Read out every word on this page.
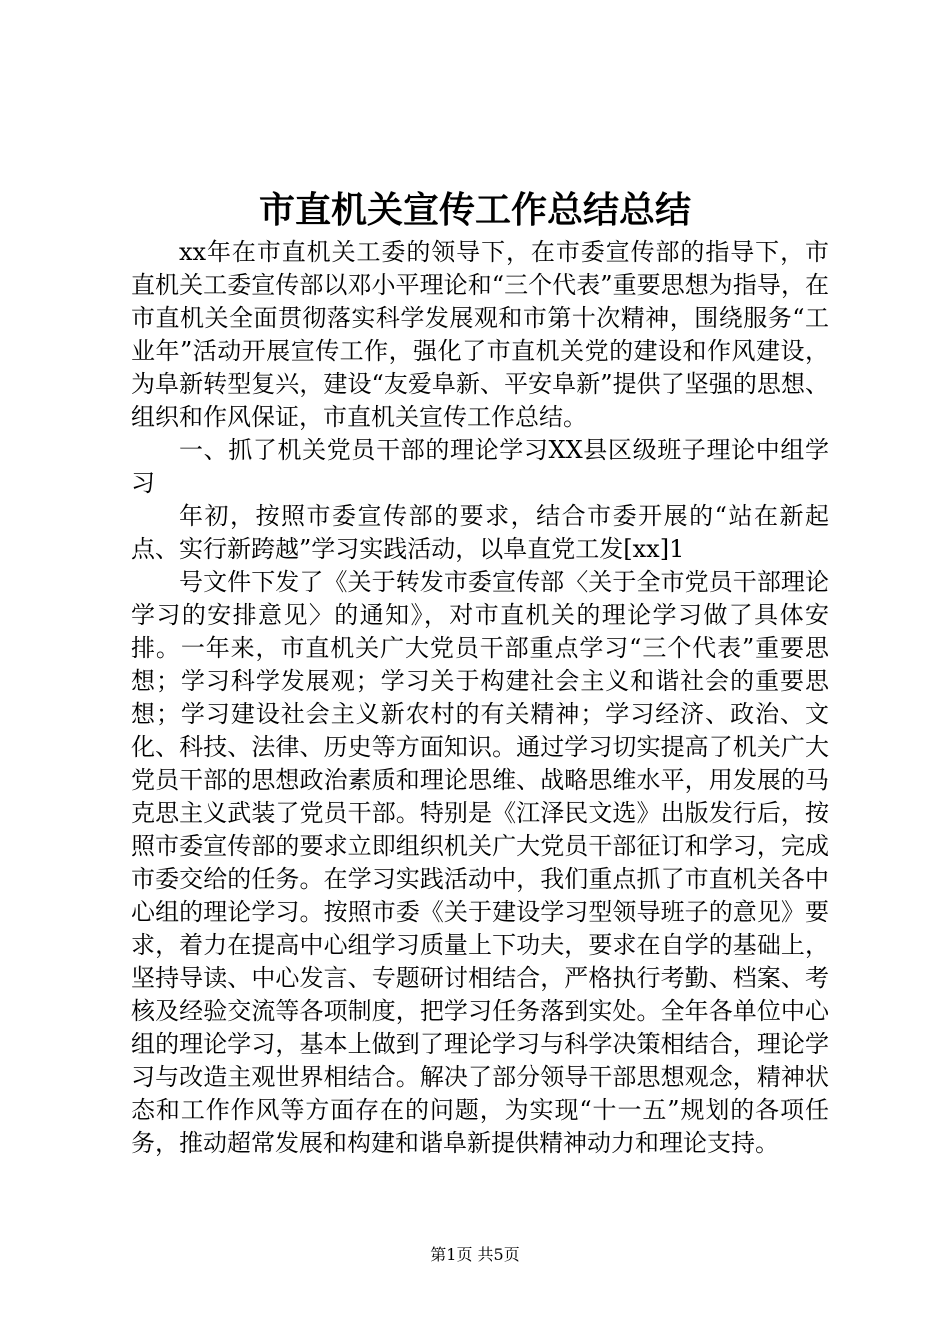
市直机关宣传工作总结总结

xx年在市直机关工委的领导下，在市委宣传部的指导下，市直机关工委宣传部以邓小平理论和“三个代表”重要思想为指导，在市直机关全面贯彻落实科学发展观和市第十次精神，围绕服务“工业年”活动开展宣传工作，强化了市直机关党的建设和作风建设，为阜新转型复兴，建设“友爱阜新、平安阜新”提供了坚强的思想、组织和作风保证，市直机关宣传工作总结。

一、抓了机关党员干部的理论学习XX县区级班子理论中组学习

年初，按照市委宣传部的要求，结合市委开展的“站在新起点、实行新跨越”学习实践活动，以阜直党工发[xx]1

号文件下发了《关于转发市委宣传部〈关于全市党员干部理论学习的安排意见〉的通知》，对市直机关的理论学习做了具体安排。一年来，市直机关广大党员干部重点学习“三个代表”重要思想；学习科学发展观；学习关于构建社会主义和谐社会的重要思想；学习建设社会主义新农村的有关精神；学习经济、政治、文化、科技、法律、历史等方面知识。通过学习切实提高了机关广大党员干部的思想政治素质和理论思维、战略思维水平，用发展的马克思主义武装了党员干部。特别是《江泽民文选》出版发行后，按照市委宣传部的要求立即组织机关广大党员干部征订和学习，完成市委交给的任务。在学习实践活动中，我们重点抓了市直机关各中心组的理论学习。按照市委《关于建设学习型领导班子的意见》要求，着力在提高中心组学习质量上下功夫，要求在自学的基础上，坚持导读、中心发言、专题研讨相结合，严格执行考勤、档案、考核及经验交流等各项制度，把学习任务落到实处。全年各单位中心组的理论学习，基本上做到了理论学习与科学决策相结合，理论学习与改造主观世界相结合。解决了部分领导干部思想观念，精神状态和工作作风等方面存在的问题，为实现“十一五”规划的各项任务，推动超常发展和构建和谐阜新提供精神动力和理论支持。

第1页 共5页
